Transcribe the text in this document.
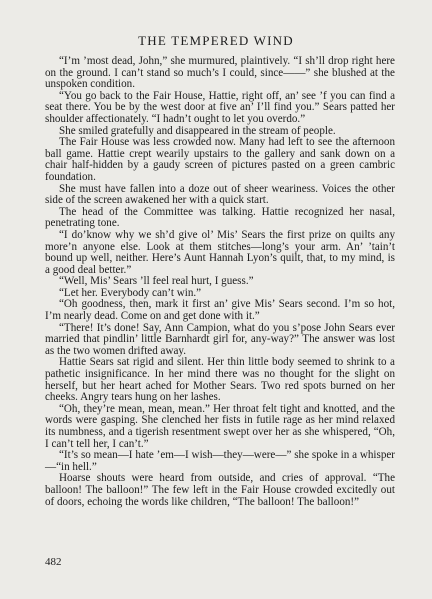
THE TEMPERED WIND

“I’m ’most dead, John,” she murmured, plaintively. “I sh’ll drop right here on the ground. I can’t stand so much’s I could, since——” she blushed at the unspoken condition.

“You go back to the Fair House, Hattie, right off, an’ see ’f you can find a seat there. You be by the west door at five an’ I’ll find you.” Sears patted her shoulder affectionately. “I hadn’t ought to let you overdo.”

She smiled gratefully and disappeared in the stream of people.

The Fair House was less crowded now. Many had left to see the afternoon ball game. Hattie crept wearily upstairs to the gallery and sank down on a chair half-hidden by a gaudy screen of pictures pasted on a green cambric foundation.

She must have fallen into a doze out of sheer weariness. Voices the other side of the screen awakened her with a quick start.

The head of the Committee was talking. Hattie recognized her nasal, penetrating tone.

“I do’know why we sh’d give ol’ Mis’ Sears the first prize on quilts any more’n anyone else. Look at them stitches—long’s your arm. An’ ’tain’t bound up well, neither. Here’s Aunt Hannah Lyon’s quilt, that, to my mind, is a good deal better.”

“Well, Mis’ Sears ’ll feel real hurt, I guess.”

“Let her. Everybody can’t win.”

“Oh goodness, then, mark it first an’ give Mis’ Sears second. I’m so hot, I’m nearly dead. Come on and get done with it.”

“There! It’s done! Say, Ann Campion, what do you s’pose John Sears ever married that pindlin’ little Barnhardt girl for, any-way?” The answer was lost as the two women drifted away.

Hattie Sears sat rigid and silent. Her thin little body seemed to shrink to a pathetic insignificance. In her mind there was no thought for the slight on herself, but her heart ached for Mother Sears. Two red spots burned on her cheeks. Angry tears hung on her lashes.

“Oh, they’re mean, mean, mean.” Her throat felt tight and knotted, and the words were gasping. She clenched her fists in futile rage as her mind relaxed its numbness, and a tigerish resentment swept over her as she whispered, “Oh, I can’t tell her, I can’t.”

“It’s so mean—I hate ’em—I wish—they—were—” she spoke in a whisper—“in hell.”

Hoarse shouts were heard from outside, and cries of approval. “The balloon! The balloon!” The few left in the Fair House crowded excitedly out of doors, echoing the words like children, “The balloon! The balloon!”

482
